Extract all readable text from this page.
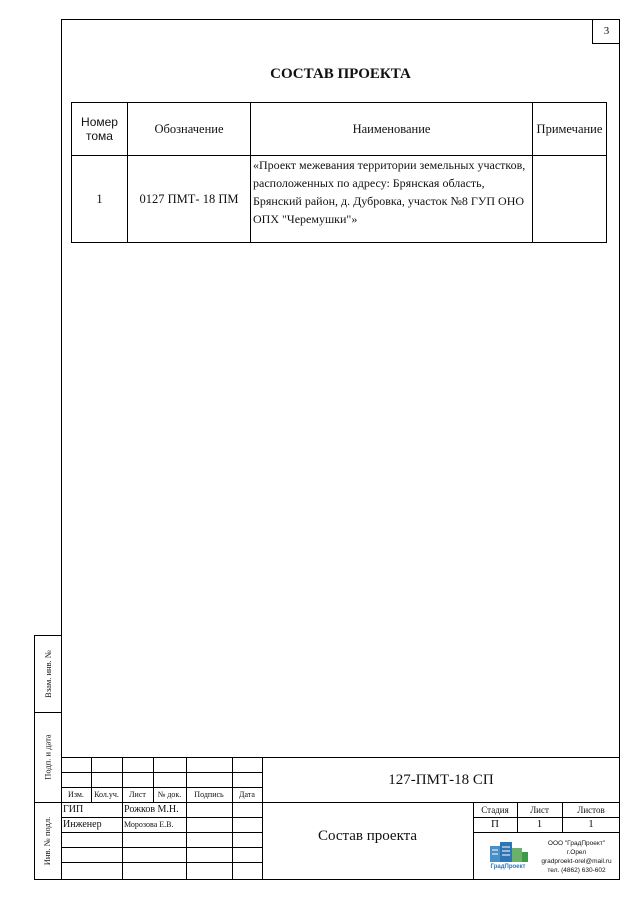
3
СОСТАВ ПРОЕКТА
Номер тома	Обозначение	Наименование	Примечание
1	0127 ПМТ- 18 ПМ	«Проект межевания территории земельных участков, расположенных по адресу: Брянская область, Брянский район, д. Дубровка, участок №8 ГУП ОНО ОПХ "Черемушки"»	
Взам. инв. №
Подп. и дата
Инв. № подл.
Изм.	Кол.уч.	Лист	№ док.	Подпись	Дата
127-ПМТ-18 СП
ГИП	Рожков М.Н.
Инженер	Морозова Е.В.
Состав проекта
Стадия	Лист	Листов
П	1	1
ГрадПроект
ООО "ГрадПроект"
г.Орел
gradproekt-orel@mail.ru
тел. (4862) 630-602
